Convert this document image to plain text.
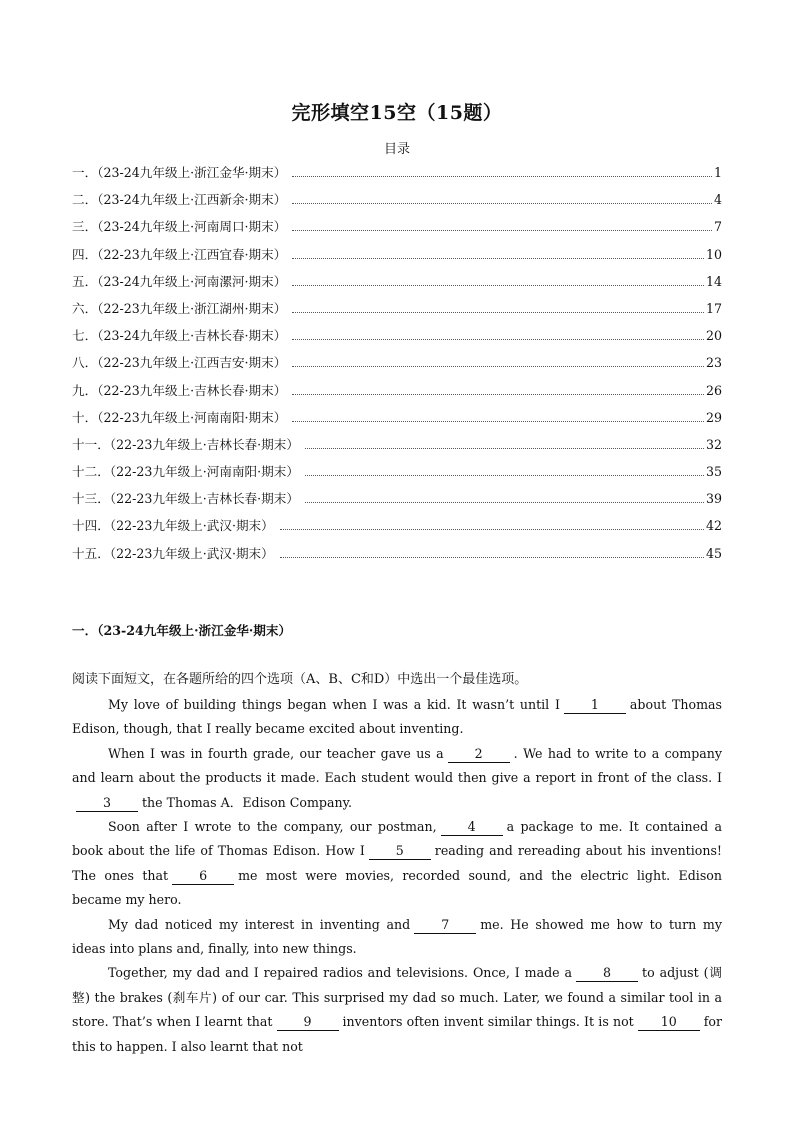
完形填空15空（15题）
目录
一．（23-24九年级上·浙江金华·期末）	1
二．（23-24九年级上·江西新余·期末）	4
三．（23-24九年级上·河南周口·期末）	7
四．（22-23九年级上·江西宜春·期末）	10
五．（23-24九年级上·河南漯河·期末）	14
六．（22-23九年级上·浙江湖州·期末）	17
七．（23-24九年级上·吉林长春·期末）	20
八．（22-23九年级上·江西吉安·期末）	23
九．（22-23九年级上·吉林长春·期末）	26
十．（22-23九年级上·河南南阳·期末）	29
十一．（22-23九年级上·吉林长春·期末）	32
十二．（22-23九年级上·河南南阳·期末）	35
十三．（22-23九年级上·吉林长春·期末）	39
十四．（22-23九年级上·武汉·期末）	42
十五．（22-23九年级上·武汉·期末）	45
一．（23-24九年级上·浙江金华·期末）
阅读下面短文，在各题所给的四个选项（A、B、C和D）中选出一个最佳选项。

My love of building things began when I was a kid. It wasn’t until I 1 about Thomas Edison, though, that I really became excited about inventing.

When I was in fourth grade, our teacher gave us a 2 . We had to write to a company and learn about the products it made. Each student would then give a report in front of the class. I3 the Thomas A．Edison Company.

Soon after I wrote to the company, our postman, 4 a package to me. It contained a book about the life of Thomas Edison. How I 5 reading and rereading about his inventions! The ones that 6 me most were movies, recorded sound, and the electric light. Edison became my hero.

My dad noticed my interest in inventing and 7 me. He showed me how to turn my ideas into plans and, finally, into new things.

Together, my dad and I repaired radios and televisions. Once, I made a 8 to adjust (调整) the brakes (刹车片) of our car. This surprised my dad so much. Later, we found a similar tool in a store. That’s when I learnt that 9 inventors often invent similar things. It is not 10 for this to happen. I also learnt that not
